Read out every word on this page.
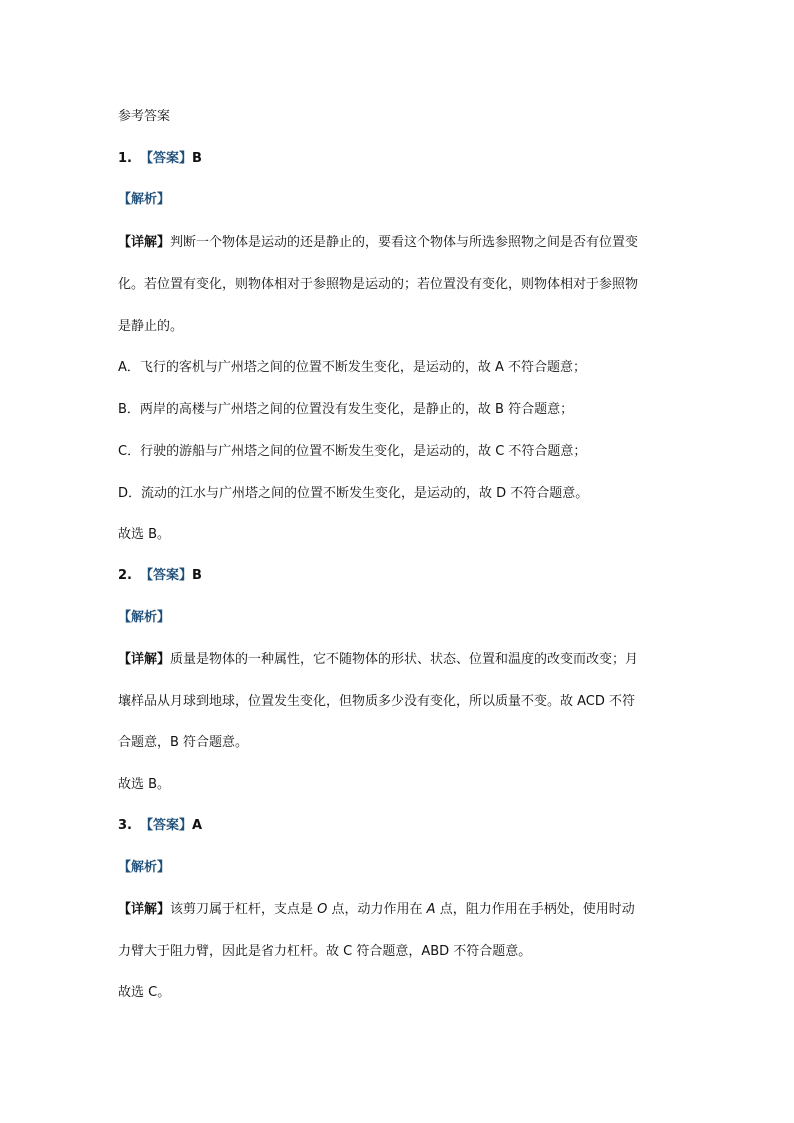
参考答案
1. 【答案】B
【解析】
【详解】判断一个物体是运动的还是静止的，要看这个物体与所选参照物之间是否有位置变
化。若位置有变化，则物体相对于参照物是运动的；若位置没有变化，则物体相对于参照物
是静止的。
A．飞行的客机与广州塔之间的位置不断发生变化，是运动的，故 A 不符合题意；
B．两岸的高楼与广州塔之间的位置没有发生变化，是静止的，故 B 符合题意；
C．行驶的游船与广州塔之间的位置不断发生变化，是运动的，故 C 不符合题意；
D．流动的江水与广州塔之间的位置不断发生变化，是运动的，故 D 不符合题意。
故选 B。
2. 【答案】B
【解析】
【详解】质量是物体的一种属性，它不随物体的形状、状态、位置和温度的改变而改变；月
壤样品从月球到地球，位置发生变化，但物质多少没有变化，所以质量不变。故 ACD 不符
合题意，B 符合题意。
故选 B。
3. 【答案】A
【解析】
【详解】该剪刀属于杠杆，支点是 O 点，动力作用在 A 点，阻力作用在手柄处，使用时动
力臂大于阻力臂，因此是省力杠杆。故 C 符合题意，ABD 不符合题意。
故选 C。
